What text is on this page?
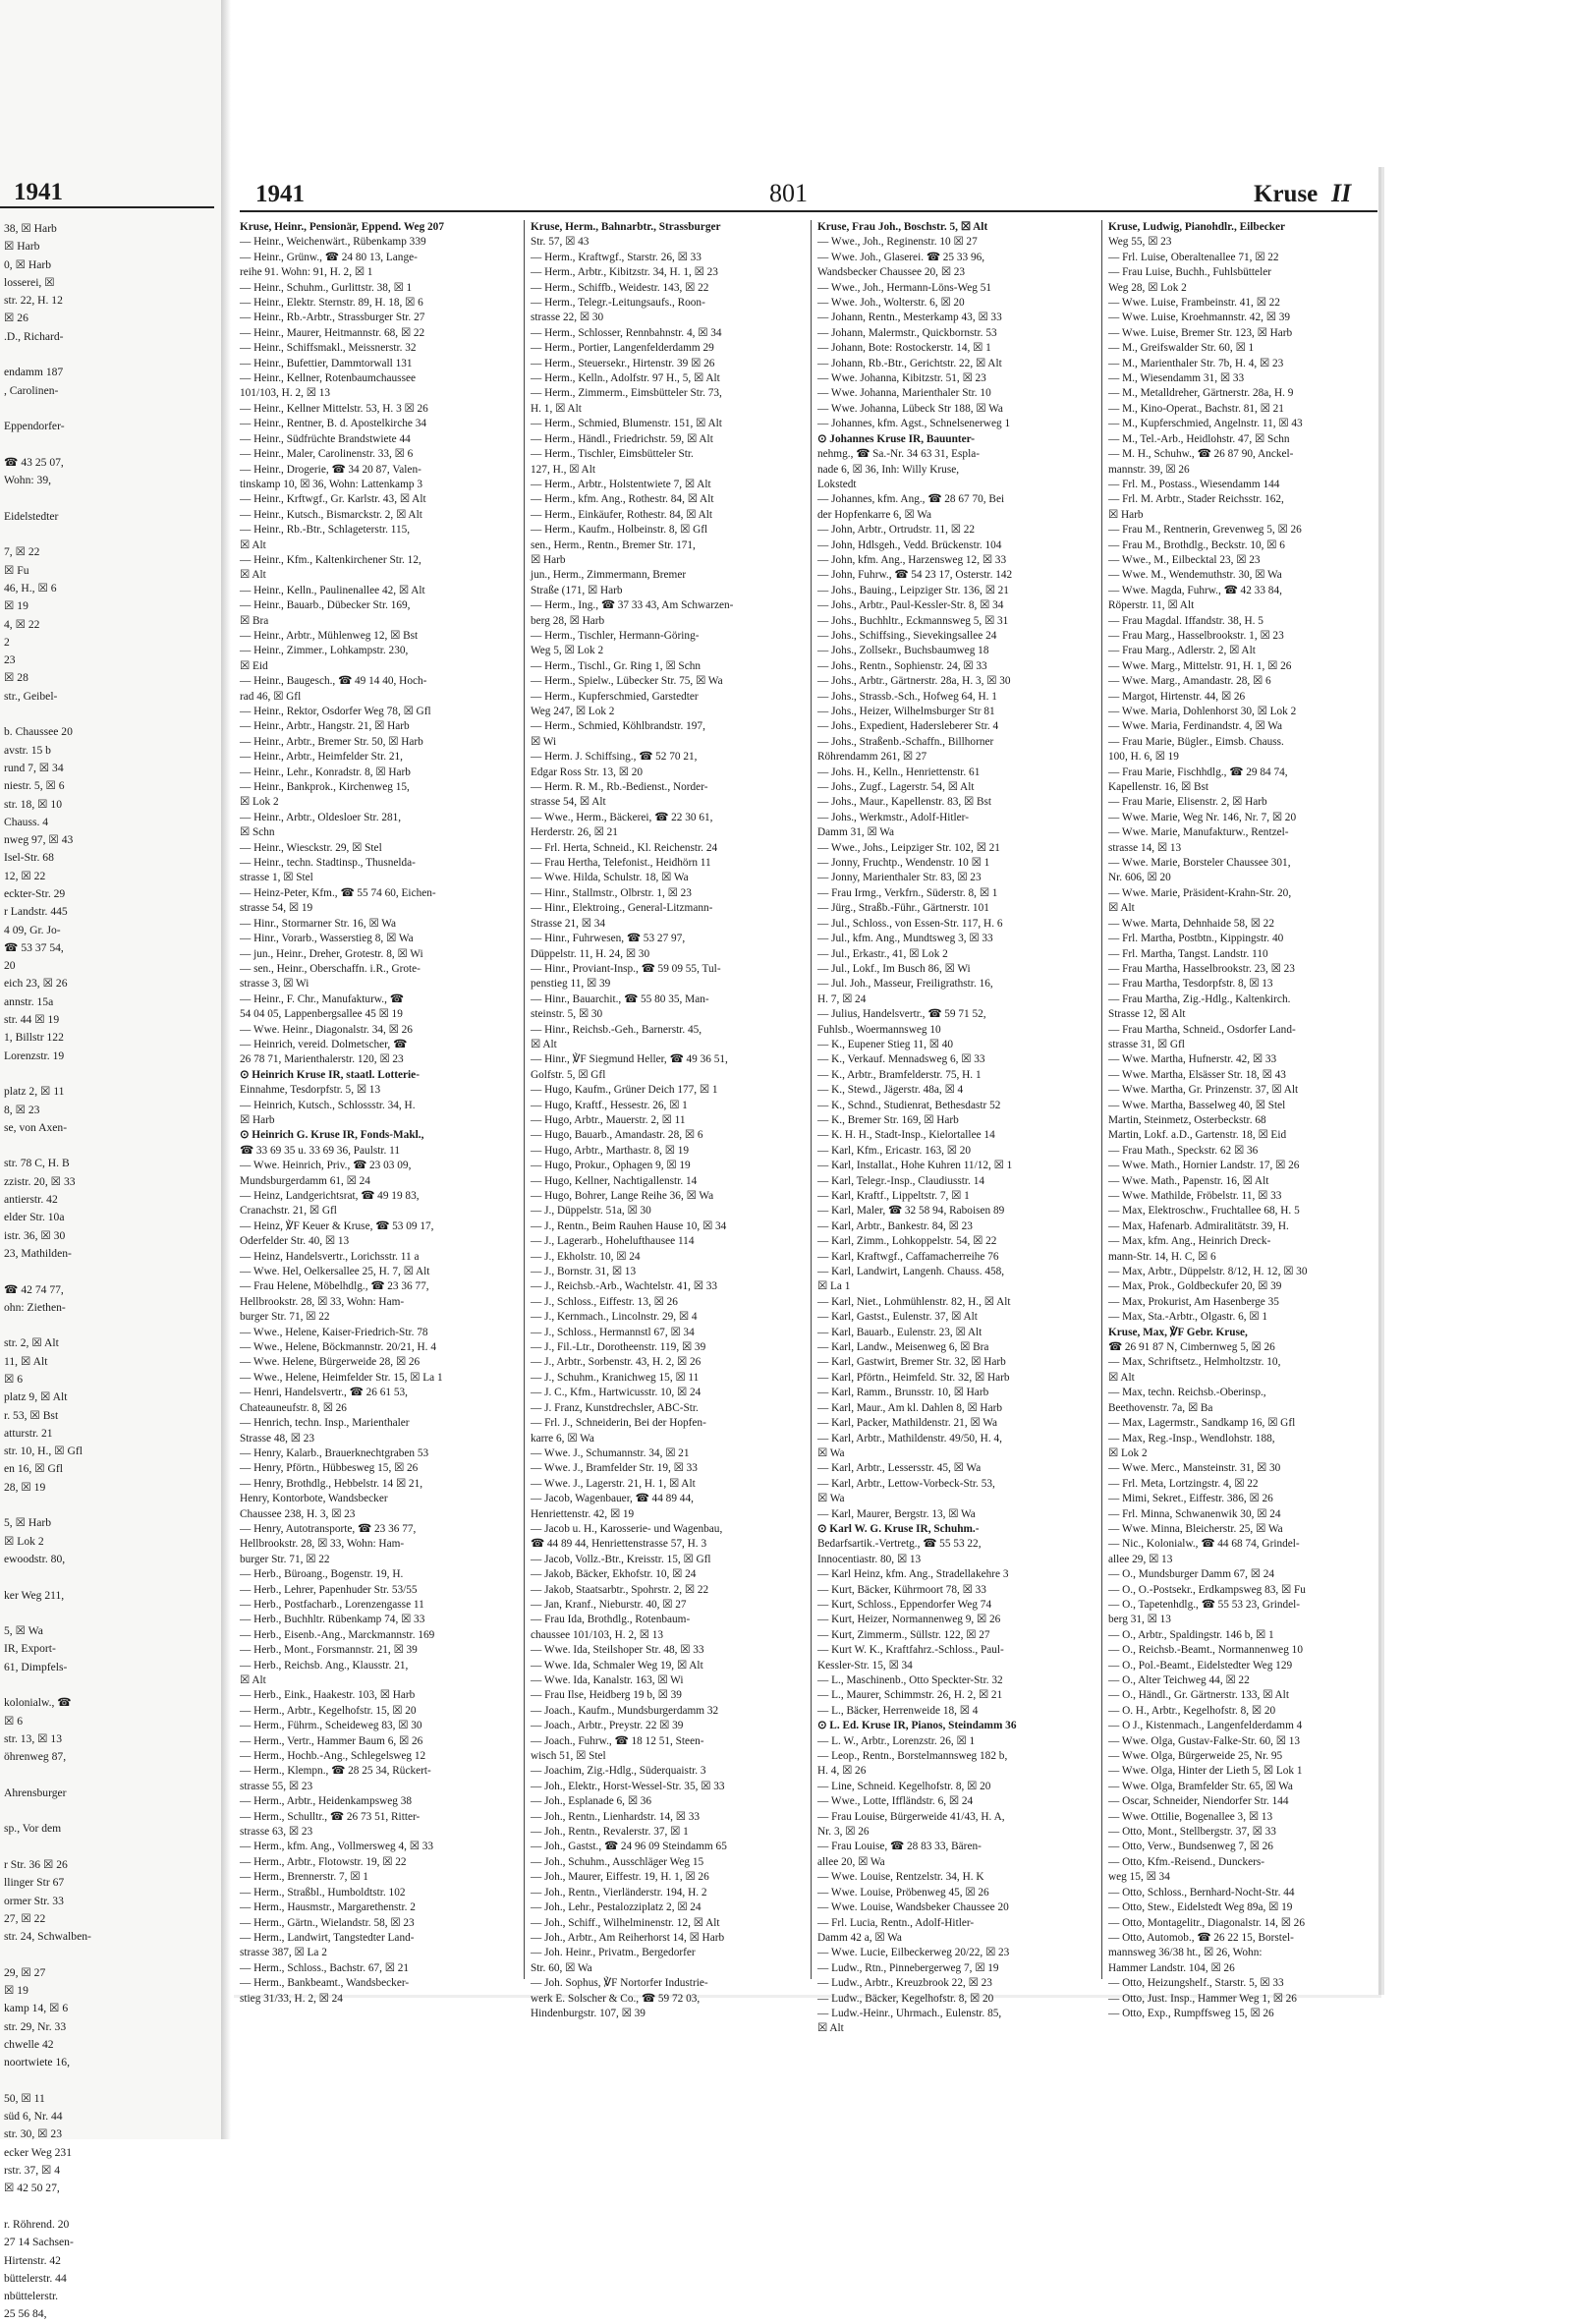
1941
38, ☒ Harb
☒ Harb
0, ☒ Harb
losserei, ☒
str. 22, H. 12
☒ 26
.D., Richard-

endamm 187
, Carolinen-

Eppendorfer-

☎ 43 25 07,
Wohn: 39,

Eidelstedter

7, ☒ 22
☒ Fu
46, H., ☒ 6
☒ 19
4, ☒ 22
2
23
☒ 28
str., Geibel-

b. Chaussee 20
avstr. 15 b
rund 7, ☒ 34
niestr. 5, ☒ 6
str. 18, ☒ 10
Chauss. 4
nweg 97, ☒ 43
Isel-Str. 68
12, ☒ 22
eckter-Str. 29
r Landstr. 445
4 09, Gr. Jo-
☎ 53 37 54,
20
eich 23, ☒ 26
annstr. 15a
str. 44 ☒ 19
1, Billstr 122
Lorenzstr. 19

platz 2, ☒ 11
8, ☒ 23
se, von Axen-

str. 78 C, H. B
zzistr. 20, ☒ 33
antierstr. 42
elder Str. 10a
istr. 36, ☒ 30
23, Mathilden-

☎ 42 74 77,
ohn: Ziethen-

str. 2, ☒ Alt
11, ☒ Alt
☒ 6
platz 9, ☒ Alt
r. 53, ☒ Bst
atturstr. 21
str. 10, H., ☒ Gfl
en 16, ☒ Gfl
28, ☒ 19

5, ☒ Harb
☒ Lok 2
ewoodstr. 80,

ker Weg 211,

5, ☒ Wa
IR, Export-
61, Dimpfels-

kolonialw., ☎
☒ 6
str. 13, ☒ 13
öhrenweg 87,

Ahrensburger

sp., Vor dem

r Str. 36 ☒ 26
llinger Str 67
ormer Str. 33
27, ☒ 22
str. 24, Schwalben-

29, ☒ 27
☒ 19
kamp 14, ☒ 6
str. 29, Nr. 33
chwelle 42
noortwiete 16,

50, ☒ 11
süd 6, Nr. 44
str. 30, ☒ 23
ecker Weg 231
rstr. 37, ☒ 4
☒ 42 50 27,

r. Röhrend. 20
27 14 Sachsen-
Hirtenstr. 42
büttelerstr. 44
nbüttelerstr.
25 56 84,
1941	801	Kruse II
Kruse, Heinr., Pensionär, Eppend. Weg 207
— Heinr., Weichenwärt., Rübenkamp 339
— Heinr., Grünw., ☎ 24 80 13, Lange-
reihe 91. Wohn: 91, H. 2, ☒ 1
— Heinr., Schuhm., Gurlittstr. 38, ☒ 1
— Heinr., Elektr. Sternstr. 89, H. 18, ☒ 6
— Heinr., Rb.-Arbtr., Strassburger Str. 27
— Heinr., Maurer, Heitmannstr. 68, ☒ 22
— Heinr., Schiffsmakl., Meissnerstr. 32
— Heinr., Bufettier, Dammtorwall 131
— Heinr., Kellner, Rotenbaumchaussee
101/103, H. 2, ☒ 13
— Heinr., Kellner Mittelstr. 53, H. 3 ☒ 26
— Heinr., Rentner, B. d. Apostelkirche 34
— Heinr., Südfrüchte Brandstwiete 44
— Heinr., Maler, Carolinenstr. 33, ☒ 6
— Heinr., Drogerie, ☎ 34 20 87, Valen-
tinskamp 10, ☒ 36, Wohn: Lattenkamp 3
— Heinr., Krftwgf., Gr. Karlstr. 43, ☒ Alt
— Heinr., Kutsch., Bismarckstr. 2, ☒ Alt
— Heinr., Rb.-Btr., Schlageterstr. 115,
☒ Alt
— Heinr., Kfm., Kaltenkirchener Str. 12,
☒ Alt
— Heinr., Kelln., Paulinenallee 42, ☒ Alt
— Heinr., Bauarb., Dübecker Str. 169,
☒ Bra
— Heinr., Arbtr., Mühlenweg 12, ☒ Bst
— Heinr., Zimmer., Lohkampstr. 230,
☒ Eid
— Heinr., Baugesch., ☎ 49 14 40, Hoch-
rad 46, ☒ Gfl
— Heinr., Rektor, Osdorfer Weg 78, ☒ Gfl
— Heinr., Arbtr., Hangstr. 21, ☒ Harb
— Heinr., Arbtr., Bremer Str. 50, ☒ Harb
— Heinr., Arbtr., Heimfelder Str. 21,
— Heinr., Lehr., Konradstr. 8, ☒ Harb
— Heinr., Bankprok., Kirchenweg 15,
☒ Lok 2
— Heinr., Arbtr., Oldesloer Str. 281,
☒ Schn
— Heinr., Wiesckstr. 29, ☒ Stel
— Heinr., techn. Stadtinsp., Thusnelda-
strasse 1, ☒ Stel
— Heinz-Peter, Kfm., ☎ 55 74 60, Eichen-
strasse 54, ☒ 19
— Hinr., Stormarner Str. 16, ☒ Wa
— Hinr., Vorarb., Wasserstieg 8, ☒ Wa
— jun., Heinr., Dreher, Grotestr. 8, ☒ Wi
— sen., Heinr., Oberschaffn. i.R., Grote-
strasse 3, ☒ Wi
— Heinr., F. Chr., Manufakturw., ☎
54 04 05, Lappenbergsallee 45 ☒ 19
— Wwe. Heinr., Diagonalstr. 34, ☒ 26
— Heinrich, vereid. Dolmetscher, ☎
26 78 71, Marienthalerstr. 120, ☒ 23
⊙ Heinrich Kruse IR, staatl. Lotterie-
Einnahme, Tesdorpfstr. 5, ☒ 13
— Heinrich, Kutsch., Schlossstr. 34, H.
☒ Harb
⊙ Heinrich G. Kruse IR, Fonds-Makl.,
☎ 33 69 35 u. 33 69 36, Paulstr. 11
— Wwe. Heinrich, Priv., ☎ 23 03 09,
Mundsburgerdamm 61, ☒ 24
— Heinz, Landgerichtsrat, ☎ 49 19 83,
Cranachstr. 21, ☒ Gfl
— Heinz, ℣F Keuer & Kruse, ☎ 53 09 17,
Oderfelder Str. 40, ☒ 13
— Heinz, Handelsvertr., Lorichsstr. 11 a
— Wwe. Hel, Oelkersallee 25, H. 7, ☒ Alt
— Frau Helene, Möbelhdlg., ☎ 23 36 77,
Hellbrookstr. 28, ☒ 33, Wohn: Ham-
burger Str. 71, ☒ 22
— Wwe., Helene, Kaiser-Friedrich-Str. 78
— Wwe., Helene, Böckmannstr. 20/21, H. 4
— Wwe. Helene, Bürgerweide 28, ☒ 26
— Wwe., Helene, Heimfelder Str. 15, ☒ La 1
— Henri, Handelsvertr., ☎ 26 61 53,
Chateauneufstr. 8, ☒ 26
— Henrich, techn. Insp., Marienthaler
Strasse 48, ☒ 23
— Henry, Kalarb., Brauerknechtgraben 53
— Henry, Pförtn., Hübbesweg 15, ☒ 26
— Henry, Brothdlg., Hebbelstr. 14 ☒ 21,
Henry, Kontorbote, Wandsbecker
Chaussee 238, H. 3, ☒ 23
— Henry, Autotransporte, ☎ 23 36 77,
Hellbrookstr. 28, ☒ 33, Wohn: Ham-
burger Str. 71, ☒ 22
— Herb., Büroang., Bogenstr. 19, H.
— Herb., Lehrer, Papenhuder Str. 53/55
— Herb., Postfacharb., Lorenzengasse 11
— Herb., Buchhltr. Rübenkamp 74, ☒ 33
— Herb., Eisenb.-Ang., Marckmannstr. 169
— Herb., Mont., Forsmannstr. 21, ☒ 39
— Herb., Reichsb. Ang., Klausstr. 21,
☒ Alt
— Herb., Eink., Haakestr. 103, ☒ Harb
— Herm., Arbtr., Kegelhofstr. 15, ☒ 20
— Herm., Führm., Scheideweg 83, ☒ 30
— Herm., Vertr., Hammer Baum 6, ☒ 26
— Herm., Hochb.-Ang., Schlegelsweg 12
— Herm., Klempn., ☎ 28 25 34, Rückert-
strasse 55, ☒ 23
— Herm., Arbtr., Heidenkampsweg 38
— Herm., Schulltr., ☎ 26 73 51, Ritter-
strasse 63, ☒ 23
— Herm., kfm. Ang., Vollmersweg 4, ☒ 33
— Herm., Arbtr., Flotowstr. 19, ☒ 22
— Herm., Brennerstr. 7, ☒ 1
— Herm., Straßbl., Humboldtstr. 102
— Herm., Hausmstr., Margarethenstr. 2
— Herm., Gärtn., Wielandstr. 58, ☒ 23
— Herm., Landwirt, Tangstedter Land-
strasse 387, ☒ La 2
— Herm., Schloss., Bachstr. 67, ☒ 21
— Herm., Bankbeamt., Wandsbecker-
stieg 31/33, H. 2, ☒ 24
Kruse, Herm., Bahnarbtr., Strassburger
Str. 57, ☒ 43
— Herm., Kraftwgf., Starstr. 26, ☒ 33
— Herm., Arbtr., Kibitzstr. 34, H. 1, ☒ 23
— Herm., Schiffb., Weidestr. 143, ☒ 22
— Herm., Telegr.-Leitungsaufs., Roon-
strasse 22, ☒ 30
— Herm., Schlosser, Rennbahnstr. 4, ☒ 34
— Herm., Portier, Langenfelderdamm 29
— Herm., Steuersekr., Hirtenstr. 39 ☒ 26
— Herm., Kelln., Adolfstr. 97 H., 5, ☒ Alt
— Herm., Zimmerm., Eimsbütteler Str. 73,
H. 1, ☒ Alt
— Herm., Schmied, Blumenstr. 151, ☒ Alt
— Herm., Händl., Friedrichstr. 59, ☒ Alt
— Herm., Tischler, Eimsbütteler Str.
127, H., ☒ Alt
— Herm., Arbtr., Holstentwiete 7, ☒ Alt
— Herm., kfm. Ang., Rothestr. 84, ☒ Alt
— Herm., Einkäufer, Rothestr. 84, ☒ Alt
— Herm., Kaufm., Holbeinstr. 8, ☒ Gfl
sen., Herm., Rentn., Bremer Str. 171,
☒ Harb
jun., Herm., Zimmermann, Bremer
Straße (171, ☒ Harb
— Herm., Ing., ☎ 37 33 43, Am Schwarzen-
berg 28, ☒ Harb
— Herm., Tischler, Hermann-Göring-
Weg 5, ☒ Lok 2
— Herm., Tischl., Gr. Ring 1, ☒ Schn
— Herm., Spielw., Lübecker Str. 75, ☒ Wa
— Herm., Kupferschmied, Garstedter
Weg 247, ☒ Lok 2
— Herm., Schmied, Köhlbrandstr. 197,
☒ Wi
— Herm. J. Schiffsing., ☎ 52 70 21,
Edgar Ross Str. 13, ☒ 20
— Herm. R. M., Rb.-Bedienst., Norder-
strasse 54, ☒ Alt
— Wwe., Herm., Bäckerei, ☎ 22 30 61,
Herderstr. 26, ☒ 21
— Frl. Herta, Schneid., Kl. Reichenstr. 24
— Frau Hertha, Telefonist., Heidhörn 11
— Wwe. Hilda, Schulstr. 18, ☒ Wa
— Hinr., Stallmstr., Olbrstr. 1, ☒ 23
— Hinr., Elektroing., General-Litzmann-
Strasse 21, ☒ 34
— Hinr., Fuhrwesen, ☎ 53 27 97,
Düppelstr. 11, H. 24, ☒ 30
— Hinr., Proviant-Insp., ☎ 59 09 55, Tul-
penstieg 11, ☒ 39
— Hinr., Bauarchit., ☎ 55 80 35, Man-
steinstr. 5, ☒ 30
— Hinr., Reichsb.-Geh., Barnerstr. 45,
☒ Alt
— Hinr., ℣F Siegmund Heller, ☎ 49 36 51,
Golfstr. 5, ☒ Gfl
— Hugo, Kaufm., Grüner Deich 177, ☒ 1
— Hugo, Kraftf., Hessestr. 26, ☒ 1
— Hugo, Arbtr., Mauerstr. 2, ☒ 11
— Hugo, Bauarb., Amandastr. 28, ☒ 6
— Hugo, Arbtr., Marthastr. 8, ☒ 19
— Hugo, Prokur., Ophagen 9, ☒ 19
— Hugo, Kellner, Nachtigallenstr. 14
— Hugo, Bohrer, Lange Reihe 36, ☒ Wa
— J., Düppelstr. 51a, ☒ 30
— J., Rentn., Beim Rauhen Hause 10, ☒ 34
— J., Lagerarb., Hohelufthausee 114
— J., Ekholstr. 10, ☒ 24
— J., Bornstr. 31, ☒ 13
— J., Reichsb.-Arb., Wachtelstr. 41, ☒ 33
— J., Schloss., Eiffestr. 13, ☒ 26
— J., Kernmach., Lincolnstr. 29, ☒ 4
— J., Schloss., Hermannstl 67, ☒ 34
— J., Fil.-Ltr., Dorotheenstr. 119, ☒ 39
— J., Arbtr., Sorbenstr. 43, H. 2, ☒ 26
— J., Schuhm., Kranichweg 15, ☒ 11
— J. C., Kfm., Hartwicusstr. 10, ☒ 24
— J. Franz, Kunstdrechsler, ABC-Str.
— Frl. J., Schneiderin, Bei der Hopfen-
karre 6, ☒ Wa
— Wwe. J., Schumannstr. 34, ☒ 21
— Wwe. J., Bramfelder Str. 19, ☒ 33
— Wwe. J., Lagerstr. 21, H. 1, ☒ Alt
— Jacob, Wagenbauer, ☎ 44 89 44,
Henriettenstr. 42, ☒ 19
— Jacob u. H., Karosserie- und Wagenbau,
☎ 44 89 44, Henriettenstrasse 57, H. 3
— Jacob, Vollz.-Btr., Kreisstr. 15, ☒ Gfl
— Jakob, Bäcker, Ekhofstr. 10, ☒ 24
— Jakob, Staatsarbtr., Spohrstr. 2, ☒ 22
— Jan, Kranf., Nieburstr. 40, ☒ 27
— Frau Ida, Brothdlg., Rotenbaum-
chaussee 101/103, H. 2, ☒ 13
— Wwe. Ida, Steilshoper Str. 48, ☒ 33
— Wwe. Ida, Schmaler Weg 19, ☒ Alt
— Wwe. Ida, Kanalstr. 163, ☒ Wi
— Frau Ilse, Heidberg 19 b, ☒ 39
— Joach., Kaufm., Mundsburgerdamm 32
— Joach., Arbtr., Preystr. 22 ☒ 39
— Joach., Fuhrw., ☎ 18 12 51, Steen-
wisch 51, ☒ Stel
— Joachim, Zig.-Hdlg., Süderquaistr. 3
— Joh., Elektr., Horst-Wessel-Str. 35, ☒ 33
— Joh., Esplanade 6, ☒ 36
— Joh., Rentn., Lienhardstr. 14, ☒ 33
— Joh., Rentn., Revalerstr. 37, ☒ 1
— Joh., Gastst., ☎ 24 96 09 Steindamm 65
— Joh., Schuhm., Ausschläger Weg 15
— Joh., Maurer, Eiffestr. 19, H. 1, ☒ 26
— Joh., Rentn., Vierländerstr. 194, H. 2
— Joh., Lehr., Pestalozziplatz 2, ☒ 24
— Joh., Schiff., Wilhelminenstr. 12, ☒ Alt
— Joh., Arbtr., Am Reiherhorst 14, ☒ Harb
— Joh. Heinr., Privatm., Bergedorfer
Str. 60, ☒ Wa
— Joh. Sophus, ℣F Nortorfer Industrie-
werk E. Solscher & Co., ☎ 59 72 03,
Hindenburgstr. 107, ☒ 39
Kruse, Frau Joh., Boschstr. 5, ☒ Alt
— Wwe., Joh., Reginenstr. 10 ☒ 27
— Wwe. Joh., Glaserei. ☎ 25 33 96,
Wandsbecker Chaussee 20, ☒ 23
— Wwe., Joh., Hermann-Löns-Weg 51
— Wwe. Joh., Wolterstr. 6, ☒ 20
— Johann, Rentn., Mesterkamp 43, ☒ 33
— Johann, Malermstr., Quickbornstr. 53
— Johann, Bote: Rostockerstr. 14, ☒ 1
— Johann, Rb.-Btr., Gerichtstr. 22, ☒ Alt
— Wwe. Johanna, Kibitzstr. 51, ☒ 23
— Wwe. Johanna, Marienthaler Str. 10
— Wwe. Johanna, Lübeck Str 188, ☒ Wa
— Johannes, kfm. Agst., Schnelsenerweg 1
⊙ Johannes Kruse IR, Bauunter-
nehmg., ☎ Sa.-Nr. 34 63 31, Espla-
nade 6, ☒ 36, Inh: Willy Kruse,
Lokstedt
— Johannes, kfm. Ang., ☎ 28 67 70, Bei
der Hopfenkarre 6, ☒ Wa
— John, Arbtr., Ortrudstr. 11, ☒ 22
— John, Hdlsgeh., Vedd. Brückenstr. 104
— John, kfm. Ang., Harzensweg 12, ☒ 33
— John, Fuhrw., ☎ 54 23 17, Osterstr. 142
— Johs., Bauing., Leipziger Str. 136, ☒ 21
— Johs., Arbtr., Paul-Kessler-Str. 8, ☒ 34
— Johs., Buchhltr., Eckmannsweg 5, ☒ 31
— Johs., Schiffsing., Sievekingsallee 24
— Johs., Zollsekr., Buchsbaumweg 18
— Johs., Rentn., Sophienstr. 24, ☒ 33
— Johs., Arbtr., Gärtnerstr. 28a, H. 3, ☒ 30
— Johs., Strassb.-Sch., Hofweg 64, H. 1
— Johs., Heizer, Wilhelmsburger Str 81
— Johs., Expedient, Hadersleberer Str. 4
— Johs., Straßenb.-Schaffn., Billhorner
Röhrendamm 261, ☒ 27
— Johs. H., Kelln., Henriettenstr. 61
— Johs., Zugf., Lagerstr. 54, ☒ Alt
— Johs., Maur., Kapellenstr. 83, ☒ Bst
— Johs., Werkmstr., Adolf-Hitler-
Damm 31, ☒ Wa
— Wwe., Johs., Leipziger Str. 102, ☒ 21
— Jonny, Fruchtp., Wendenstr. 10 ☒ 1
— Jonny, Marienthaler Str. 83, ☒ 23
— Frau Irmg., Verkfrn., Süderstr. 8, ☒ 1
— Jürg., Straßb.-Führ., Gärtnerstr. 101
— Jul., Schloss., von Essen-Str. 117, H. 6
— Jul., kfm. Ang., Mundtsweg 3, ☒ 33
— Jul., Erkastr., 41, ☒ Lok 2
— Jul., Lokf., Im Busch 86, ☒ Wi
— Jul. Joh., Masseur, Freiligrathstr. 16,
H. 7, ☒ 24
— Julius, Handelsvertr., ☎ 59 71 52,
Fuhlsb., Woermannsweg 10
— K., Eupener Stieg 11, ☒ 40
— K., Verkauf. Mennadsweg 6, ☒ 33
— K., Arbtr., Bramfelderstr. 75, H. 1
— K., Stewd., Jägerstr. 48a, ☒ 4
— K., Schnd., Studienrat, Bethesdastr 52
— K., Bremer Str. 169, ☒ Harb
— K. H. H., Stadt-Insp., Kielortallee 14
— Karl, Kfm., Ericastr. 163, ☒ 20
— Karl, Installat., Hohe Kuhren 11/12, ☒ 1
— Karl, Telegr.-Insp., Claudiusstr. 14
— Karl, Kraftf., Lippeltstr. 7, ☒ 1
— Karl, Maler, ☎ 32 58 94, Raboisen 89
— Karl, Arbtr., Bankestr. 84, ☒ 23
— Karl, Zimm., Lohkoppelstr. 54, ☒ 22
— Karl, Kraftwgf., Caffamacherreihe 76
— Karl, Landwirt, Langenh. Chauss. 458,
☒ La 1
— Karl, Niet., Lohmühlenstr. 82, H., ☒ Alt
— Karl, Gastst., Eulenstr. 37, ☒ Alt
— Karl, Bauarb., Eulenstr. 23, ☒ Alt
— Karl, Landw., Meisenweg 6, ☒ Bra
— Karl, Gastwirt, Bremer Str. 32, ☒ Harb
— Karl, Pförtn., Heimfeld. Str. 32, ☒ Harb
— Karl, Ramm., Brunsstr. 10, ☒ Harb
— Karl, Maur., Am kl. Dahlen 8, ☒ Harb
— Karl, Packer, Mathildenstr. 21, ☒ Wa
— Karl, Arbtr., Mathildenstr. 49/50, H. 4,
☒ Wa
— Karl, Arbtr., Lessersstr. 45, ☒ Wa
— Karl, Arbtr., Lettow-Vorbeck-Str. 53,
☒ Wa
— Karl, Maurer, Bergstr. 13, ☒ Wa
⊙ Karl W. G. Kruse IR, Schuhm.-
Bedarfsartik.-Vertretg., ☎ 55 53 22,
Innocentiastr. 80, ☒ 13
— Karl Heinz, kfm. Ang., Stradellakehre 3
— Kurt, Bäcker, Kührmoort 78, ☒ 33
— Kurt, Schloss., Eppendorfer Weg 74
— Kurt, Heizer, Normannenweg 9, ☒ 26
— Kurt, Zimmerm., Süllstr. 122, ☒ 27
— Kurt W. K., Kraftfahrz.-Schloss., Paul-
Kessler-Str. 15, ☒ 34
— L., Maschinenb., Otto Speckter-Str. 32
— L., Maurer, Schimmstr. 26, H. 2, ☒ 21
— L., Bäcker, Herrenweide 18, ☒ 4
⊙ L. Ed. Kruse IR, Pianos, Steindamm 36
— L. W., Arbtr., Lorenzstr. 26, ☒ 1
— Leop., Rentn., Borstelmannsweg 182 b,
H. 4, ☒ 26
— Line, Schneid. Kegelhofstr. 8, ☒ 20
— Wwe., Lotte, Iffländstr. 6, ☒ 24
— Frau Louise, Bürgerweide 41/43, H. A,
Nr. 3, ☒ 26
— Frau Louise, ☎ 28 83 33, Bären-
allee 20, ☒ Wa
— Wwe. Louise, Rentzelstr. 34, H. K
— Wwe. Louise, Pröbenweg 45, ☒ 26
— Wwe. Louise, Wandsbeker Chaussee 20
— Frl. Lucia, Rentn., Adolf-Hitler-
Damm 42 a, ☒ Wa
— Wwe. Lucie, Eilbeckerweg 20/22, ☒ 23
— Ludw., Rtn., Pinnebergerweg 7, ☒ 19
— Ludw., Arbtr., Kreuzbrook 22, ☒ 23
— Ludw., Bäcker, Kegelhofstr. 8, ☒ 20
— Ludw.-Heinr., Uhrmach., Eulenstr. 85,
☒ Alt
Kruse, Ludwig, Pianohdlr., Eilbecker
Weg 55, ☒ 23
— Frl. Luise, Oberaltenallee 71, ☒ 22
— Frau Luise, Buchh., Fuhlsbütteler
Weg 28, ☒ Lok 2
— Wwe. Luise, Frambeinstr. 41, ☒ 22
— Wwe. Luise, Kroehmannstr. 42, ☒ 39
— Wwe. Luise, Bremer Str. 123, ☒ Harb
— M., Greifswalder Str. 60, ☒ 1
— M., Marienthaler Str. 7b, H. 4, ☒ 23
— M., Wiesendamm 31, ☒ 33
— M., Metalldreher, Gärtnerstr. 28a, H. 9
— M., Kino-Operat., Bachstr. 81, ☒ 21
— M., Kupferschmied, Angelnstr. 11, ☒ 43
— M., Tel.-Arb., Heidlohstr. 47, ☒ Schn
— M. H., Schuhw., ☎ 26 87 90, Anckel-
mannstr. 39, ☒ 26
— Frl. M., Postass., Wiesendamm 144
— Frl. M. Arbtr., Stader Reichsstr. 162,
☒ Harb
— Frau M., Rentnerin, Grevenweg 5, ☒ 26
— Frau M., Brothdlg., Beckstr. 10, ☒ 6
— Wwe., M., Eilbecktal 23, ☒ 23
— Wwe. M., Wendemuthstr. 30, ☒ Wa
— Wwe. Magda, Fuhrw., ☎ 42 33 84,
Röperstr. 11, ☒ Alt
— Frau Magdal. Iffandstr. 38, H. 5
— Frau Marg., Hasselbrookstr. 1, ☒ 23
— Frau Marg., Adlerstr. 2, ☒ Alt
— Wwe. Marg., Mittelstr. 91, H. 1, ☒ 26
— Wwe. Marg., Amandastr. 28, ☒ 6
— Margot, Hirtenstr. 44, ☒ 26
— Wwe. Maria, Dohlenhorst 30, ☒ Lok 2
— Wwe. Maria, Ferdinandstr. 4, ☒ Wa
— Frau Marie, Bügler., Eimsb. Chauss.
100, H. 6, ☒ 19
— Frau Marie, Fischhdlg., ☎ 29 84 74,
Kapellenstr. 16, ☒ Bst
— Frau Marie, Elisenstr. 2, ☒ Harb
— Wwe. Marie, Weg Nr. 146, Nr. 7, ☒ 20
— Wwe. Marie, Manufakturw., Rentzel-
strasse 14, ☒ 13
— Wwe. Marie, Borsteler Chaussee 301,
Nr. 606, ☒ 20
— Wwe. Marie, Präsident-Krahn-Str. 20,
☒ Alt
— Wwe. Marta, Dehnhaide 58, ☒ 22
— Frl. Martha, Postbtn., Kippingstr. 40
— Frl. Martha, Tangst. Landstr. 110
— Frau Martha, Hasselbrookstr. 23, ☒ 23
— Frau Martha, Tesdorpfstr. 8, ☒ 13
— Frau Martha, Zig.-Hdlg., Kaltenkirch.
Strasse 12, ☒ Alt
— Frau Martha, Schneid., Osdorfer Land-
strasse 31, ☒ Gfl
— Wwe. Martha, Hufnerstr. 42, ☒ 33
— Wwe. Martha, Elsässer Str. 18, ☒ 43
— Wwe. Martha, Gr. Prinzenstr. 37, ☒ Alt
— Wwe. Martha, Basselweg 40, ☒ Stel
Martin, Steinmetz, Osterbeckstr. 68
Martin, Lokf. a.D., Gartenstr. 18, ☒ Eid
— Frau Math., Speckstr. 62 ☒ 36
— Wwe. Math., Hornier Landstr. 17, ☒ 26
— Wwe. Math., Papenstr. 16, ☒ Alt
— Wwe. Mathilde, Fröbelstr. 11, ☒ 33
— Max, Elektroschw., Fruchtallee 68, H. 5
— Max, Hafenarb. Admiralitätstr. 39, H.
— Max, kfm. Ang., Heinrich Dreck-
mann-Str. 14, H. C, ☒ 6
— Max, Arbtr., Düppelstr. 8/12, H. 12, ☒ 30
— Max, Prok., Goldbeckufer 20, ☒ 39
— Max, Prokurist, Am Hasenberge 35
— Max, Sta.-Arbtr., Olgastr. 6, ☒ 1
Kruse, Max, ℣F Gebr. Kruse,
☎ 26 91 87 N, Cimbernweg 5, ☒ 26
— Max, Schriftsetz., Helmholtzstr. 10,
☒ Alt
— Max, techn. Reichsb.-Oberinsp.,
Beethovenstr. 7a, ☒ Ba
— Max, Lagermstr., Sandkamp 16, ☒ Gfl
— Max, Reg.-Insp., Wendlohstr. 188,
☒ Lok 2
— Wwe. Merc., Mansteinstr. 31, ☒ 30
— Frl. Meta, Lortzingstr. 4, ☒ 22
— Mimi, Sekret., Eiffestr. 386, ☒ 26
— Frl. Minna, Schwanenwik 30, ☒ 24
— Wwe. Minna, Bleicherstr. 25, ☒ Wa
— Nic., Kolonialw., ☎ 44 68 74, Grindel-
allee 29, ☒ 13
— O., Mundsburger Damm 67, ☒ 24
— O., O.-Postsekr., Erdkampsweg 83, ☒ Fu
— O., Tapetenhdlg., ☎ 55 53 23, Grindel-
berg 31, ☒ 13
— O., Arbtr., Spaldingstr. 146 b, ☒ 1
— O., Reichsb.-Beamt., Normannenweg 10
— O., Pol.-Beamt., Eidelstedter Weg 129
— O., Alter Teichweg 44, ☒ 22
— O., Händl., Gr. Gärtnerstr. 133, ☒ Alt
— O. H., Arbtr., Kegelhofstr. 8, ☒ 20
— O J., Kistenmach., Langenfelderdamm 4
— Wwe. Olga, Gustav-Falke-Str. 60, ☒ 13
— Wwe. Olga, Bürgerweide 25, Nr. 95
— Wwe. Olga, Hinter der Lieth 5, ☒ Lok 1
— Wwe. Olga, Bramfelder Str. 65, ☒ Wa
— Oscar, Schneider, Niendorfer Str. 144
— Wwe. Ottilie, Bogenallee 3, ☒ 13
— Otto, Mont., Stellbergstr. 37, ☒ 33
— Otto, Verw., Bundsenweg 7, ☒ 26
— Otto, Kfm.-Reisend., Dunckers-
weg 15, ☒ 34
— Otto, Schloss., Bernhard-Nocht-Str. 44
— Otto, Stew., Eidelstedt Weg 89a, ☒ 19
— Otto, Montagelitr., Diagonalstr. 14, ☒ 26
— Otto, Automob., ☎ 26 22 15, Borstel-
mannsweg 36/38 ht., ☒ 26, Wohn:
Hammer Landstr. 104, ☒ 26
— Otto, Heizungshelf., Starstr. 5, ☒ 33
— Otto, Just. Insp., Hammer Weg 1, ☒ 26
— Otto, Exp., Rumpffsweg 15, ☒ 26
